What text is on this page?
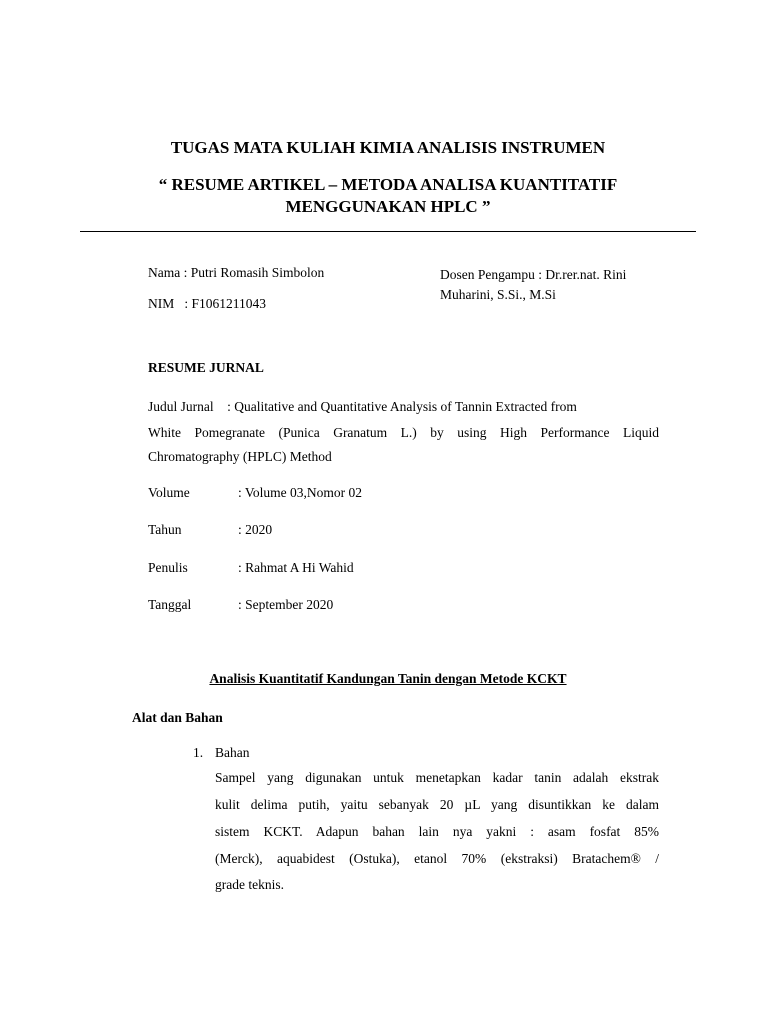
TUGAS MATA KULIAH KIMIA ANALISIS INSTRUMEN
“ RESUME ARTIKEL – METODA ANALISA KUANTITATIF
MENGGUNAKAN HPLC ”
Nama : Putri Romasih Simbolon
NIM   : F1061211043
Dosen Pengampu : Dr.rer.nat. Rini
Muharini, S.Si., M.Si
RESUME JURNAL
Judul Jurnal    : Qualitative and Quantitative Analysis of Tannin Extracted from
White Pomegranate (Punica Granatum L.) by using High Performance Liquid
Chromatography (HPLC) Method
Volume	: Volume 03,Nomor 02
Tahun	: 2020
Penulis	: Rahmat A Hi Wahid
Tanggal	: September 2020
Analisis Kuantitatif Kandungan Tanin dengan Metode KCKT
Alat dan Bahan
1. Bahan
Sampel yang digunakan untuk menetapkan kadar tanin adalah ekstrak
kulit delima putih, yaitu sebanyak 20 µL yang disuntikkan ke dalam
sistem KCKT. Adapun bahan lain nya yakni : asam fosfat 85%
(Merck), aquabidest (Ostuka), etanol 70% (ekstraksi) Bratachem® /
grade teknis.
